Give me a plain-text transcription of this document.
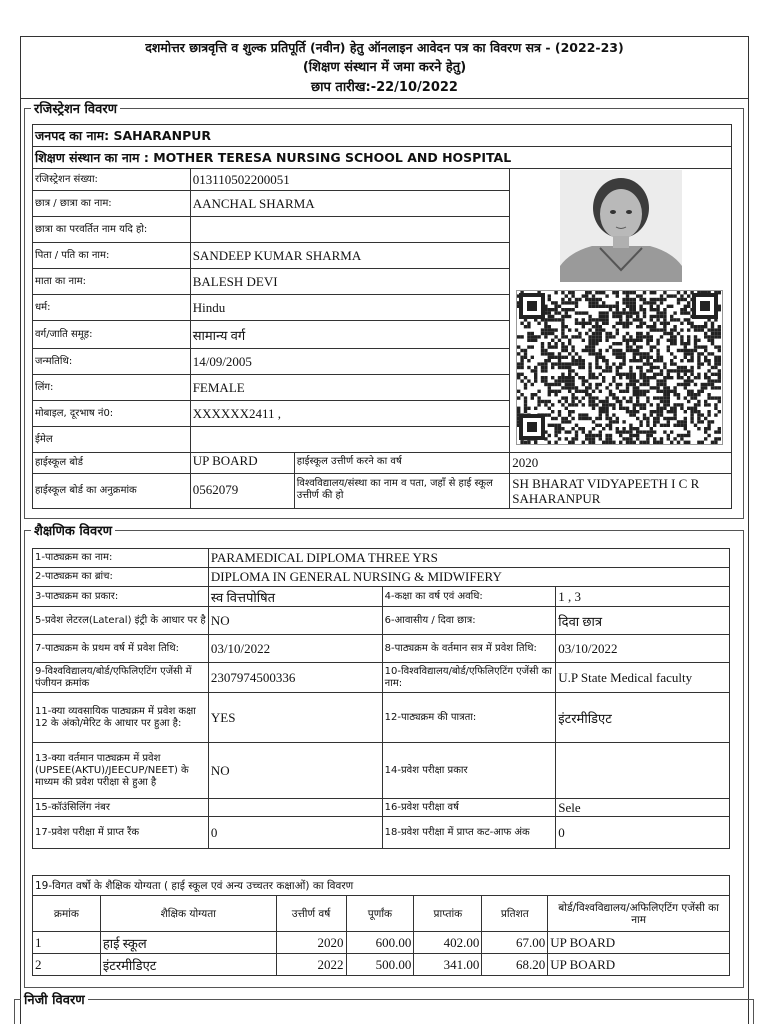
दशमोत्तर छात्रवृत्ति व शुल्क प्रतिपूर्ति (नवीन) हेतु ऑनलाइन आवेदन पत्र का विवरण सत्र - (2022-23)
(शिक्षण संस्थान में जमा करने हेतु)
छाप तारीख:-22/10/2022
रजिस्ट्रेशन विवरण
जनपद का नाम: SAHARANPUR
शिक्षण संस्थान का नाम : MOTHER TERESA NURSING SCHOOL AND HOSPITAL
रजिस्ट्रेशन संख्या:	013110502200051	
छात्र / छात्रा का नाम:	AANCHAL SHARMA	
छात्रा का परवर्तित नाम यदि हो:		
पिता / पति का नाम:	SANDEEP KUMAR SHARMA	
माता का नाम:	BALESH DEVI	
धर्म:	Hindu	
वर्ग/जाति समूह:	सामान्य वर्ग	
जन्मतिथि:	14/09/2005	
लिंग:	FEMALE	
मोबाइल, दूरभाष नं0:	XXXXXX2411 ,	
ईमेल		
हाईस्कूल बोर्ड	UP BOARD हाईस्कूल उत्तीर्ण करने का वर्ष	2020
हाईस्कूल बोर्ड का अनुक्रमांक	0562079 विश्वविद्यालय/संस्था का नाम व पता, जहाँ से हाई स्कूल उत्तीर्ण की हो	SH BHARAT VIDYAPEETH I C R SAHARANPUR
शैक्षणिक विवरण
1-पाठ्यक्रम का नाम:	PARAMEDICAL DIPLOMA THREE YRS		
2-पाठ्यक्रम का ब्रांच:	DIPLOMA IN GENERAL NURSING & MIDWIFERY		
3-पाठ्यक्रम का प्रकार:	स्व वित्तपोषित	4-कक्षा का वर्ष एवं अवधि:	1 , 3
5-प्रवेश लेटरल(Lateral) इंट्री के आधार पर है	NO	6-आवासीय / दिवा छात्र:	दिवा छात्र
7-पाठ्यक्रम के प्रथम वर्ष में प्रवेश तिथि:	03/10/2022	8-पाठ्यक्रम के वर्तमान सत्र में प्रवेश तिथि:	03/10/2022
9-विश्वविद्यालय/बोर्ड/एफिलिएटिंग एजेंसी में पंजीयन क्रमांक	2307974500336	10-विश्वविद्यालय/बोर्ड/एफिलिएटिंग एजेंसी का नाम:	U.P State Medical faculty
11-क्या व्यवसायिक पाठ्यक्रम में प्रवेश कक्षा 12 के अंको/मेरिट के आधार पर हुआ है:	YES	12-पाठ्यक्रम की पात्रता:	इंटरमीडिएट
13-क्या वर्तमान पाठ्यक्रम में प्रवेश (UPSEE(AKTU)/JEECUP/NEET) के माध्यम की प्रवेश परीक्षा से हुआ है	NO	14-प्रवेश परीक्षा प्रकार	
15-कॉउंसिलिंग नंबर		16-प्रवेश परीक्षा वर्ष	Sele
17-प्रवेश परीक्षा में प्राप्त रैंक	0	18-प्रवेश परीक्षा में प्राप्त कट-आफ अंक	0
19-विगत वर्षो के शैक्षिक योग्यता ( हाई स्कूल एवं अन्य उच्चतर कक्षाओं) का विवरण						
क्रमांक	शैक्षिक योग्यता	उत्तीर्ण वर्ष	पूर्णांक	प्राप्तांक	प्रतिशत	बोर्ड/विश्वविद्यालय/अफिलिएटिंग एजेंसी का नाम
1	हाई स्कूल	2020	600.00	402.00	67.00	UP BOARD
2	इंटरमीडिएट	2022	500.00	341.00	68.20	UP BOARD
निजी विवरण
